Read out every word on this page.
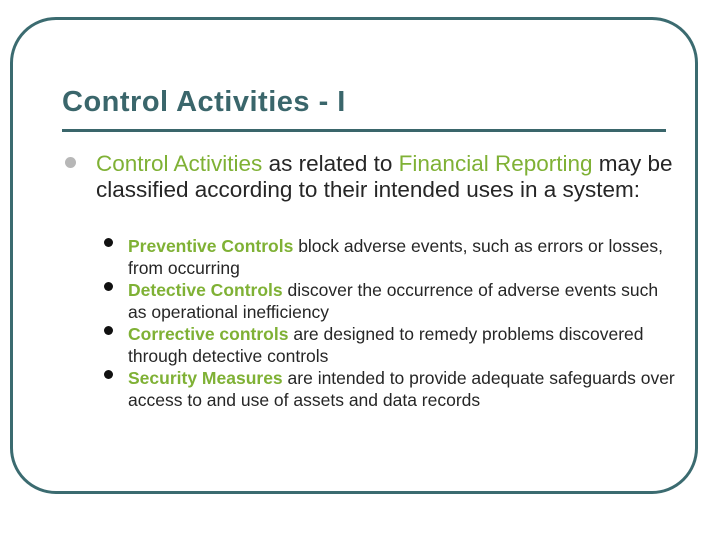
Control Activities - I
Control Activities as related to Financial Reporting may be classified according to their intended uses in a system:
Preventive Controls block adverse events, such as errors or losses, from occurring
Detective Controls discover the occurrence of adverse events such as operational inefficiency
Corrective controls are designed to remedy problems discovered through detective controls
Security Measures are intended to provide adequate safeguards over access to and use of assets and data records
